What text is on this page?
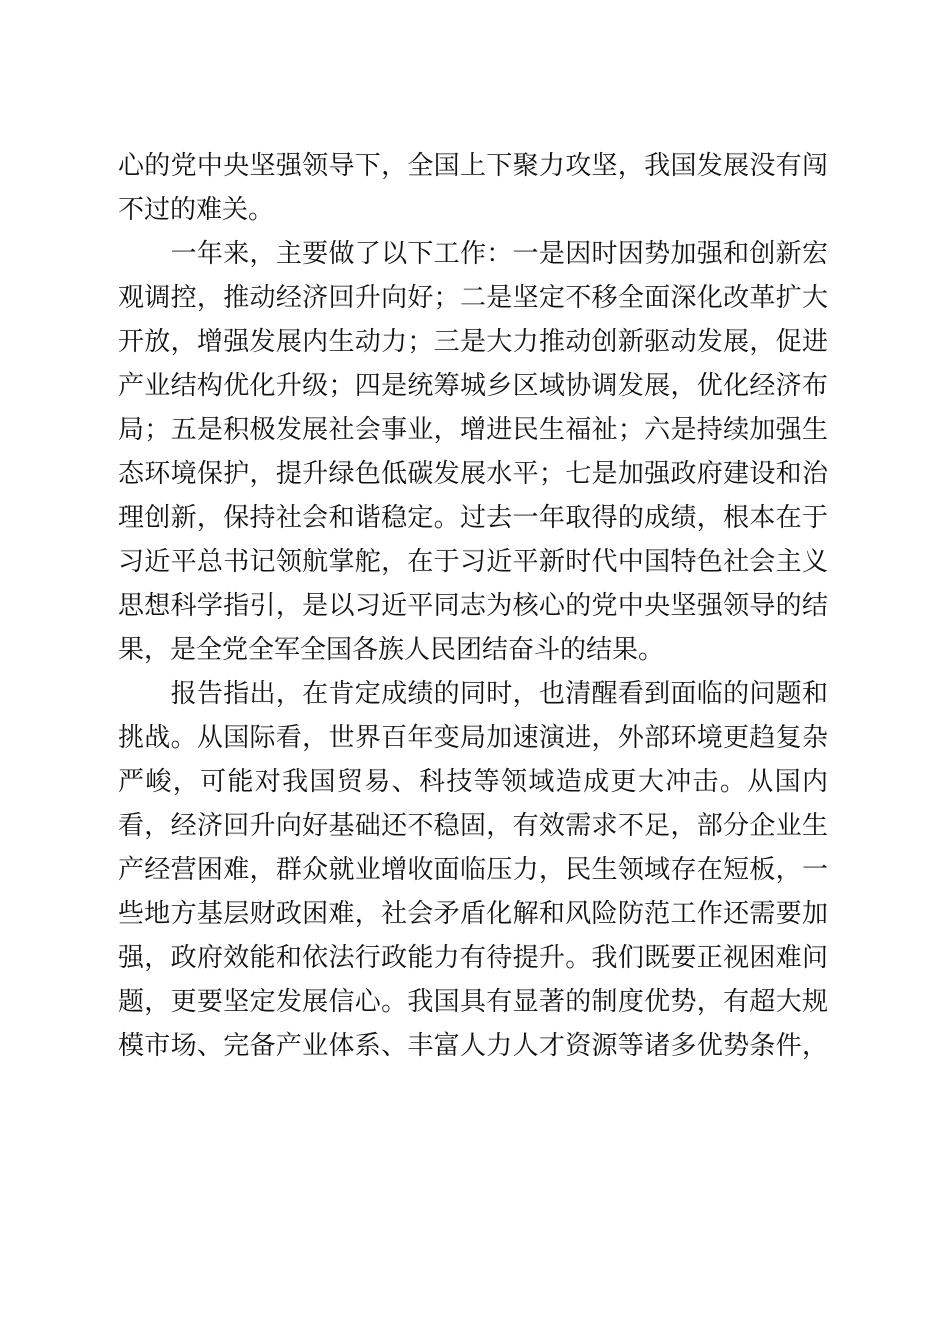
心的党中央坚强领导下，全国上下聚力攻坚，我国发展没有闯
不过的难关。
　　一年来，主要做了以下工作：一是因时因势加强和创新宏
观调控，推动经济回升向好；二是坚定不移全面深化改革扩大
开放，增强发展内生动力；三是大力推动创新驱动发展，促进
产业结构优化升级；四是统筹城乡区域协调发展，优化经济布
局；五是积极发展社会事业，增进民生福祉；六是持续加强生
态环境保护，提升绿色低碳发展水平；七是加强政府建设和治
理创新，保持社会和谐稳定。过去一年取得的成绩，根本在于
习近平总书记领航掌舵，在于习近平新时代中国特色社会主义
思想科学指引，是以习近平同志为核心的党中央坚强领导的结
果，是全党全军全国各族人民团结奋斗的结果。
　　报告指出，在肯定成绩的同时，也清醒看到面临的问题和
挑战。从国际看，世界百年变局加速演进，外部环境更趋复杂
严峻，可能对我国贸易、科技等领域造成更大冲击。从国内
看，经济回升向好基础还不稳固，有效需求不足，部分企业生
产经营困难，群众就业增收面临压力，民生领域存在短板，一
些地方基层财政困难，社会矛盾化解和风险防范工作还需要加
强，政府效能和依法行政能力有待提升。我们既要正视困难问
题，更要坚定发展信心。我国具有显著的制度优势，有超大规
模市场、完备产业体系、丰富人力人才资源等诸多优势条件，
